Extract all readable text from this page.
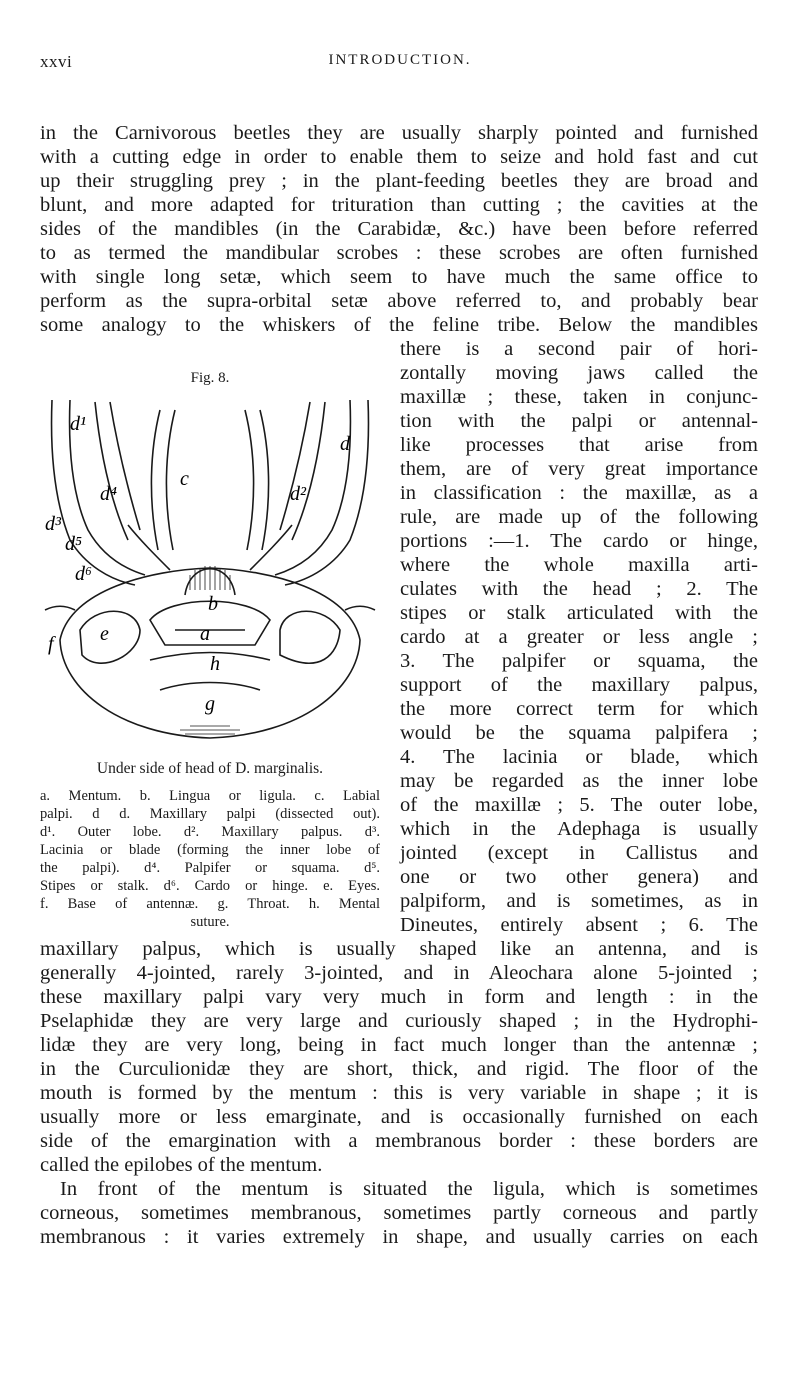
xxvi	INTRODUCTION.
in the Carnivorous beetles they are usually sharply pointed and furnished
with a cutting edge in order to enable them to seize and hold fast and cut
up their struggling prey ; in the plant-feeding beetles they are broad and
blunt, and more adapted for trituration than cutting ; the cavities at the
sides of the mandibles (in the Carabidæ, &c.) have been before referred
to as termed the mandibular scrobes : these scrobes are often furnished
with single long setæ, which seem to have much the same office to
perform as the supra-orbital setæ above referred to, and probably bear
some analogy to the whiskers of the feline tribe. Below the mandibles
Fig. 8.
d¹
d³
d⁴
d
d²
d⁵
d⁶
c
b
a
e
f
g
h
Under side of head of D. marginalis.
a. Mentum. b. Lingua or ligula. c. Labial
palpi. d d. Maxillary palpi (dissected out).
d¹. Outer lobe. d². Maxillary palpus. d³.
Lacinia or blade (forming the inner lobe of
the palpi). d⁴. Palpifer or squama. d⁵.
Stipes or stalk. d⁶. Cardo or hinge. e. Eyes.
f. Base of antennæ. g. Throat. h. Mental
suture.
there is a second pair of hori-
zontally moving jaws called the
maxillæ ; these, taken in conjunc-
tion with the palpi or antennal-
like processes that arise from
them, are of very great importance
in classification : the maxillæ, as a
rule, are made up of the following
portions :—1. The cardo or hinge,
where the whole maxilla arti-
culates with the head ; 2. The
stipes or stalk articulated with the
cardo at a greater or less angle ;
3. The palpifer or squama, the
support of the maxillary palpus,
the more correct term for which
would be the squama palpifera ;
4. The lacinia or blade, which
may be regarded as the inner lobe
of the maxillæ ; 5. The outer lobe,
which in the Adephaga is usually
jointed (except in Callistus and
one or two other genera) and
palpiform, and is sometimes, as in
Dineutes, entirely absent ; 6. The
maxillary palpus, which is usually shaped like an antenna, and is
generally 4-jointed, rarely 3-jointed, and in Aleochara alone 5-jointed ;
these maxillary palpi vary very much in form and length : in the
Pselaphidæ they are very large and curiously shaped ; in the Hydrophi-
lidæ they are very long, being in fact much longer than the antennæ ;
in the Curculionidæ they are short, thick, and rigid. The floor of the
mouth is formed by the mentum : this is very variable in shape ; it is
usually more or less emarginate, and is occasionally furnished on each
side of the emargination with a membranous border : these borders are
called the epilobes of the mentum.
In front of the mentum is situated the ligula, which is sometimes
corneous, sometimes membranous, sometimes partly corneous and partly
membranous : it varies extremely in shape, and usually carries on each
